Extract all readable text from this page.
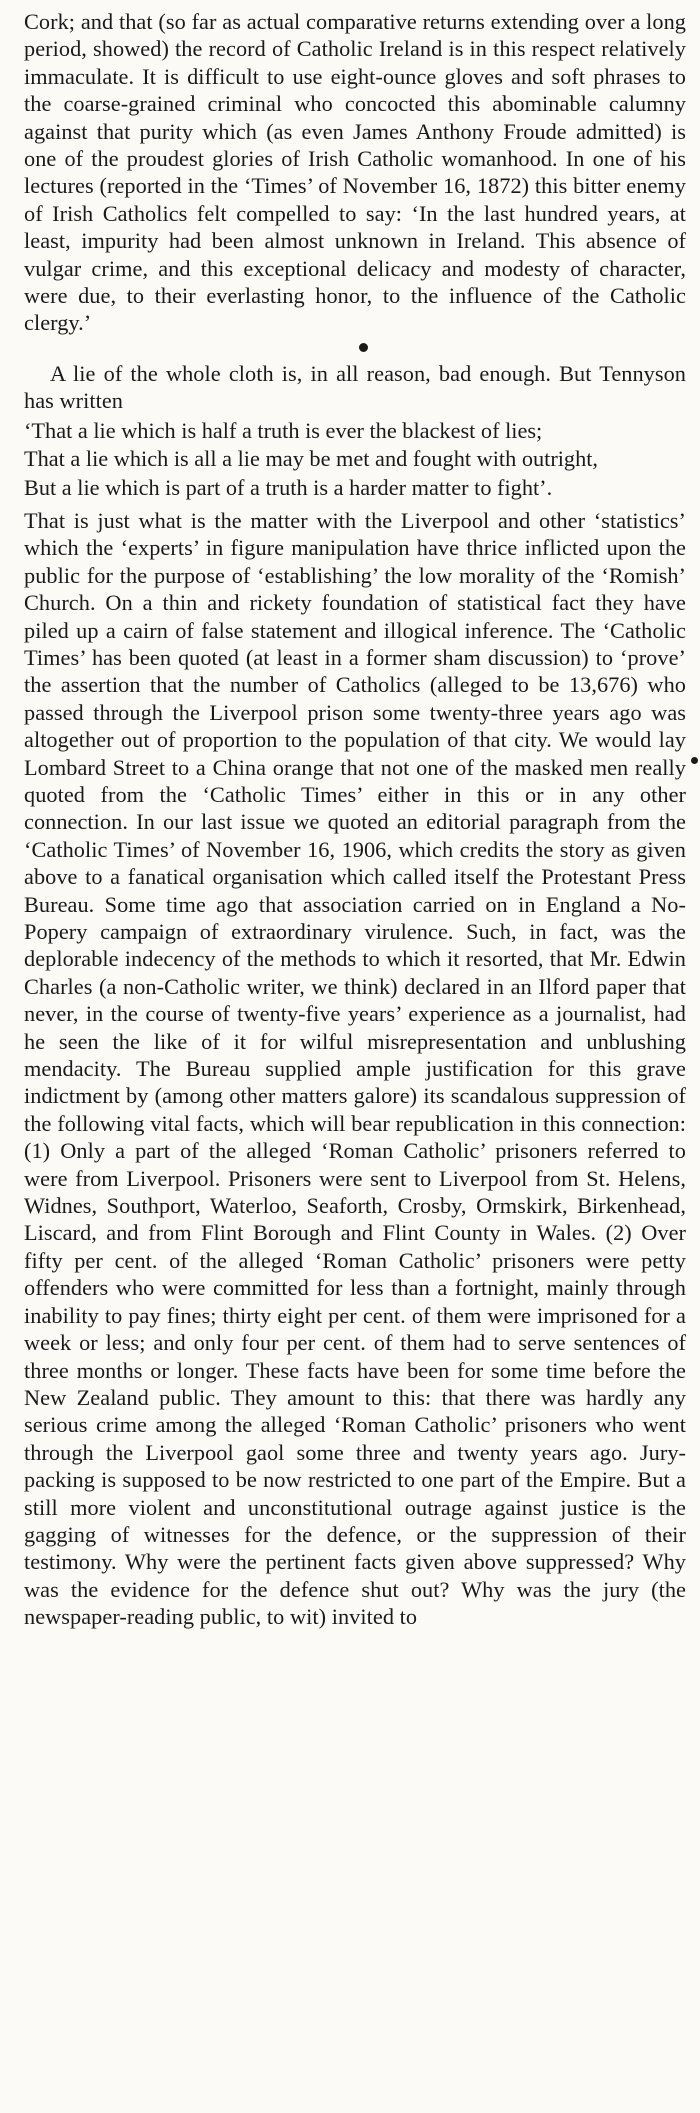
Cork; and that (so far as actual comparative returns extending over a long period, showed) the record of Catholic Ireland is in this respect relatively immaculate. It is difficult to use eight-ounce gloves and soft phrases to the coarse-grained criminal who concocted this abominable calumny against that purity which (as even James Anthony Froude admitted) is one of the proudest glories of Irish Catholic womanhood. In one of his lectures (reported in the ‘Times’ of November 16, 1872) this bitter enemy of Irish Catholics felt compelled to say: ‘In the last hundred years, at least, impurity had been almost unknown in Ireland. This absence of vulgar crime, and this exceptional delicacy and modesty of character, were due, to their everlasting honor, to the influence of the Catholic clergy.’

A lie of the whole cloth is, in all reason, bad enough. But Tennyson has written

‘That a lie which is half a truth is ever the blackest of lies;
That a lie which is all a lie may be met and fought with outright,
But a lie which is part of a truth is a harder matter to fight’.

That is just what is the matter with the Liverpool and other ‘statistics’ which the ‘experts’ in figure manipulation have thrice inflicted upon the public for the purpose of ‘establishing’ the low morality of the ‘Romish’ Church. On a thin and rickety foundation of statistical fact they have piled up a cairn of false statement and illogical inference. The ‘Catholic Times’ has been quoted (at least in a former sham discussion) to ‘prove’ the assertion that the number of Catholics (alleged to be 13,676) who passed through the Liverpool prison some twenty-three years ago was altogether out of proportion to the population of that city. We would lay Lombard Street to a China orange that not one of the masked men really quoted from the ‘Catholic Times’ either in this or in any other connection. In our last issue we quoted an editorial paragraph from the ‘Catholic Times’ of November 16, 1906, which credits the story as given above to a fanatical organisation which called itself the Protestant Press Bureau. Some time ago that association carried on in England a No-Popery campaign of extraordinary virulence. Such, in fact, was the deplorable indecency of the methods to which it resorted, that Mr. Edwin Charles (a non-Catholic writer, we think) declared in an Ilford paper that never, in the course of twenty-five years’ experience as a journalist, had he seen the like of it for wilful misrepresentation and unblushing mendacity. The Bureau supplied ample justification for this grave indictment by (among other matters galore) its scandalous suppression of the following vital facts, which will bear republication in this connection: (1) Only a part of the alleged ‘Roman Catholic’ prisoners referred to were from Liverpool. Prisoners were sent to Liverpool from St. Helens, Widnes, Southport, Waterloo, Seaforth, Crosby, Ormskirk, Birkenhead, Liscard, and from Flint Borough and Flint County in Wales. (2) Over fifty per cent. of the alleged ‘Roman Catholic’ prisoners were petty offenders who were committed for less than a fortnight, mainly through inability to pay fines; thirty eight per cent. of them were imprisoned for a week or less; and only four per cent. of them had to serve sentences of three months or longer. These facts have been for some time before the New Zealand public. They amount to this: that there was hardly any serious crime among the alleged ‘Roman Catholic’ prisoners who went through the Liverpool gaol some three and twenty years ago. Jury-packing is supposed to be now restricted to one part of the Empire. But a still more violent and unconstitutional outrage against justice is the gagging of witnesses for the defence, or the suppression of their testimony. Why were the pertinent facts given above suppressed? Why was the evidence for the defence shut out? Why was the jury (the newspaper-reading public, to wit) invited to
